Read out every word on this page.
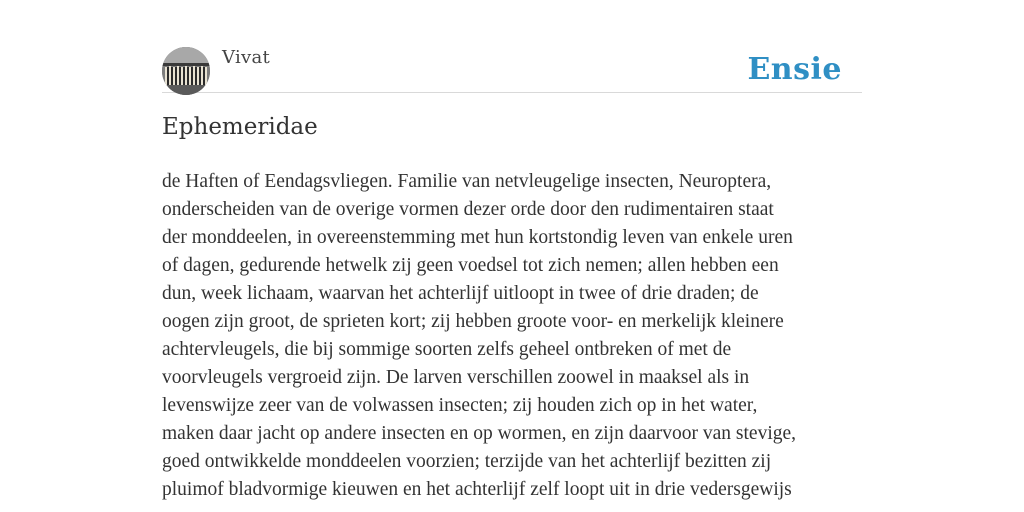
Vivat	Ensie
Ephemeridae

de Haften of Eendagsvliegen. Familie van netvleugelige insecten, Neuroptera,
onderscheiden van de overige vormen dezer orde door den rudimentairen staat
der monddeelen, in overeenstemming met hun kortstondig leven van enkele uren
of dagen, gedurende hetwelk zij geen voedsel tot zich nemen; allen hebben een
dun, week lichaam, waarvan het achterlijf uitloopt in twee of drie draden; de
oogen zijn groot, de sprieten kort; zij hebben groote voor- en merkelijk kleinere
achtervleugels, die bij sommige soorten zelfs geheel ontbreken of met de
voorvleugels vergroeid zijn. De larven verschillen zoowel in maaksel als in
levenswijze zeer van de volwassen insecten; zij houden zich op in het water,
maken daar jacht op andere insecten en op wormen, en zijn daarvoor van stevige,
goed ontwikkelde monddeelen voorzien; terzijde van het achterlijf bezitten zij
pluimof bladvormige kieuwen en het achterlijf zelf loopt uit in drie vedersgewijs
